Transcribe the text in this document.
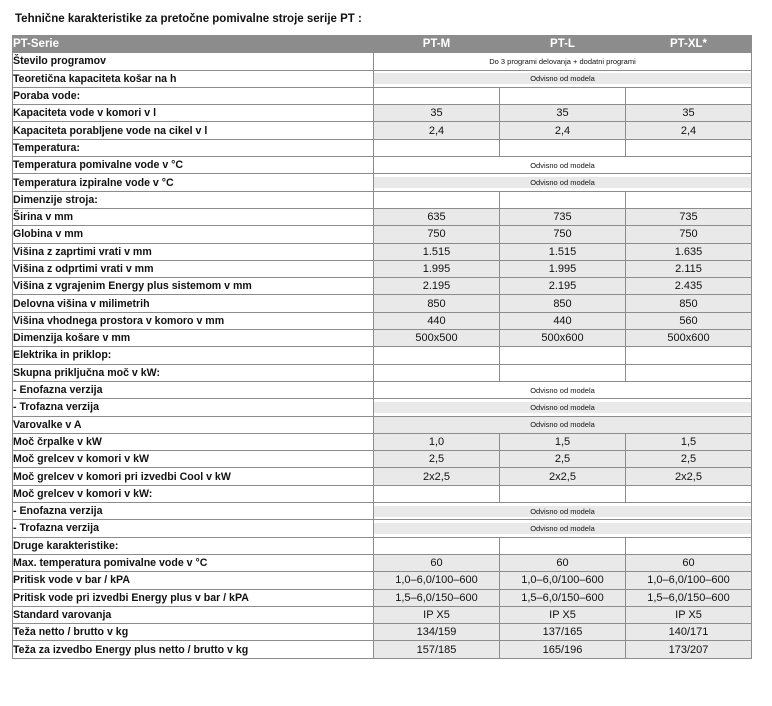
Tehnične karakteristike za pretočne pomivalne stroje serije PT :
PT-Serie	PT-M	PT-L	PT-XL*
Število programov	Do 3 programi delovanja + dodatni programi		
Teoretična kapaciteta košar na h	Odvisno od modela		

Poraba vode:			
Kapaciteta vode v komori v l	35	35	35
Kapaciteta porabljene vode na cikel v l	2,4	2,4	2,4
Temperatura:			
Temperatura pomivalne vode v °C	Odvisno od modela		
Temperatura izpiralne vode v °C	Odvisno od modela		

Dimenzije stroja:			
Širina v mm	635	735	735
Globina v mm	750	750	750
Višina z zaprtimi vrati v mm	1.515	1.515	1.635
Višina z odprtimi vrati v mm	1.995	1.995	2.115
Višina z vgrajenim Energy plus sistemom v mm	2.195	2.195	2.435
Delovna višina v milimetrih	850	850	850
Višina vhodnega prostora v komoro v mm	440	440	560
Dimenzija košare v mm	500x500	500x600	500x600
Elektrika in priklop:			
Skupna priključna moč v kW:			
- Enofazna verzija	Odvisno od modela		
- Trofazna verzija	Odvisno od modela		

Varovalke v A	Odvisno od modela		
Moč črpalke v kW	1,0	1,5	1,5
Moč grelcev v komori v kW	2,5	2,5	2,5
Moč grelcev v komori pri izvedbi Cool v kW	2x2,5	2x2,5	2x2,5
Moč grelcev v komori v kW:			
- Enofazna verzija	Odvisno od modela		

- Trofazna verzija	Odvisno od modela		

Druge karakteristike:			
Max. temperatura pomivalne vode v °C	60	60	60
Pritisk vode v bar / kPA	1,0–6,0/100–600	1,0–6,0/100–600	1,0–6,0/100–600
Pritisk vode pri izvedbi Energy plus v bar / kPA	1,5–6,0/150–600	1,5–6,0/150–600	1,5–6,0/150–600
Standard varovanja	IP X5	IP X5	IP X5
Teža netto / brutto v kg	134/159	137/165	140/171
Teža za izvedbo Energy plus netto / brutto v kg	157/185	165/196	173/207
